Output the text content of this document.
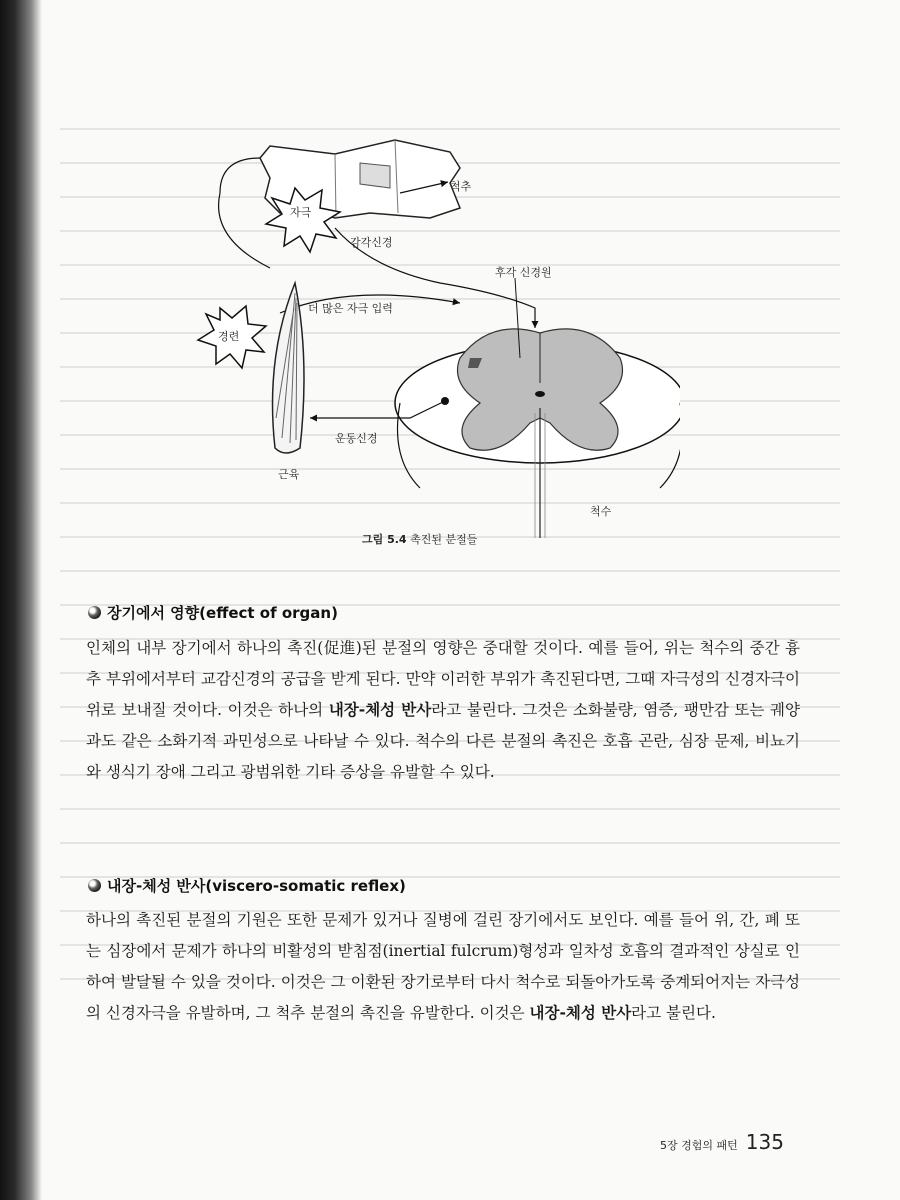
척추
자극
감각신경
후각 신경원
더 많은 자극 입력
경련
운동신경
근육
척수
그림 5.4 촉진된 분절들
장기에서 영향(effect of organ)
인체의 내부 장기에서 하나의 촉진(促進)된 분절의 영향은 중대할 것이다. 예를 들어, 위는 척수의 중간 흉추 부위에서부터 교감신경의 공급을 받게 된다. 만약 이러한 부위가 촉진된다면, 그때 자극성의 신경자극이 위로 보내질 것이다. 이것은 하나의 내장-체성 반사라고 불린다. 그것은 소화불량, 염증, 팽만감 또는 궤양과도 같은 소화기적 과민성으로 나타날 수 있다. 척수의 다른 분절의 촉진은 호흡 곤란, 심장 문제, 비뇨기와 생식기 장애 그리고 광범위한 기타 증상을 유발할 수 있다.
내장-체성 반사(viscero-somatic reflex)
하나의 촉진된 분절의 기원은 또한 문제가 있거나 질병에 걸린 장기에서도 보인다. 예를 들어 위, 간, 폐 또는 심장에서 문제가 하나의 비활성의 받침점(inertial fulcrum)형성과 일차성 호흡의 결과적인 상실로 인하여 발달될 수 있을 것이다. 이것은 그 이환된 장기로부터 다시 척수로 되돌아가도록 중계되어지는 자극성의 신경자극을 유발하며, 그 척추 분절의 촉진을 유발한다. 이것은 내장-체성 반사라고 불린다.
5장 경험의 패턴 135
